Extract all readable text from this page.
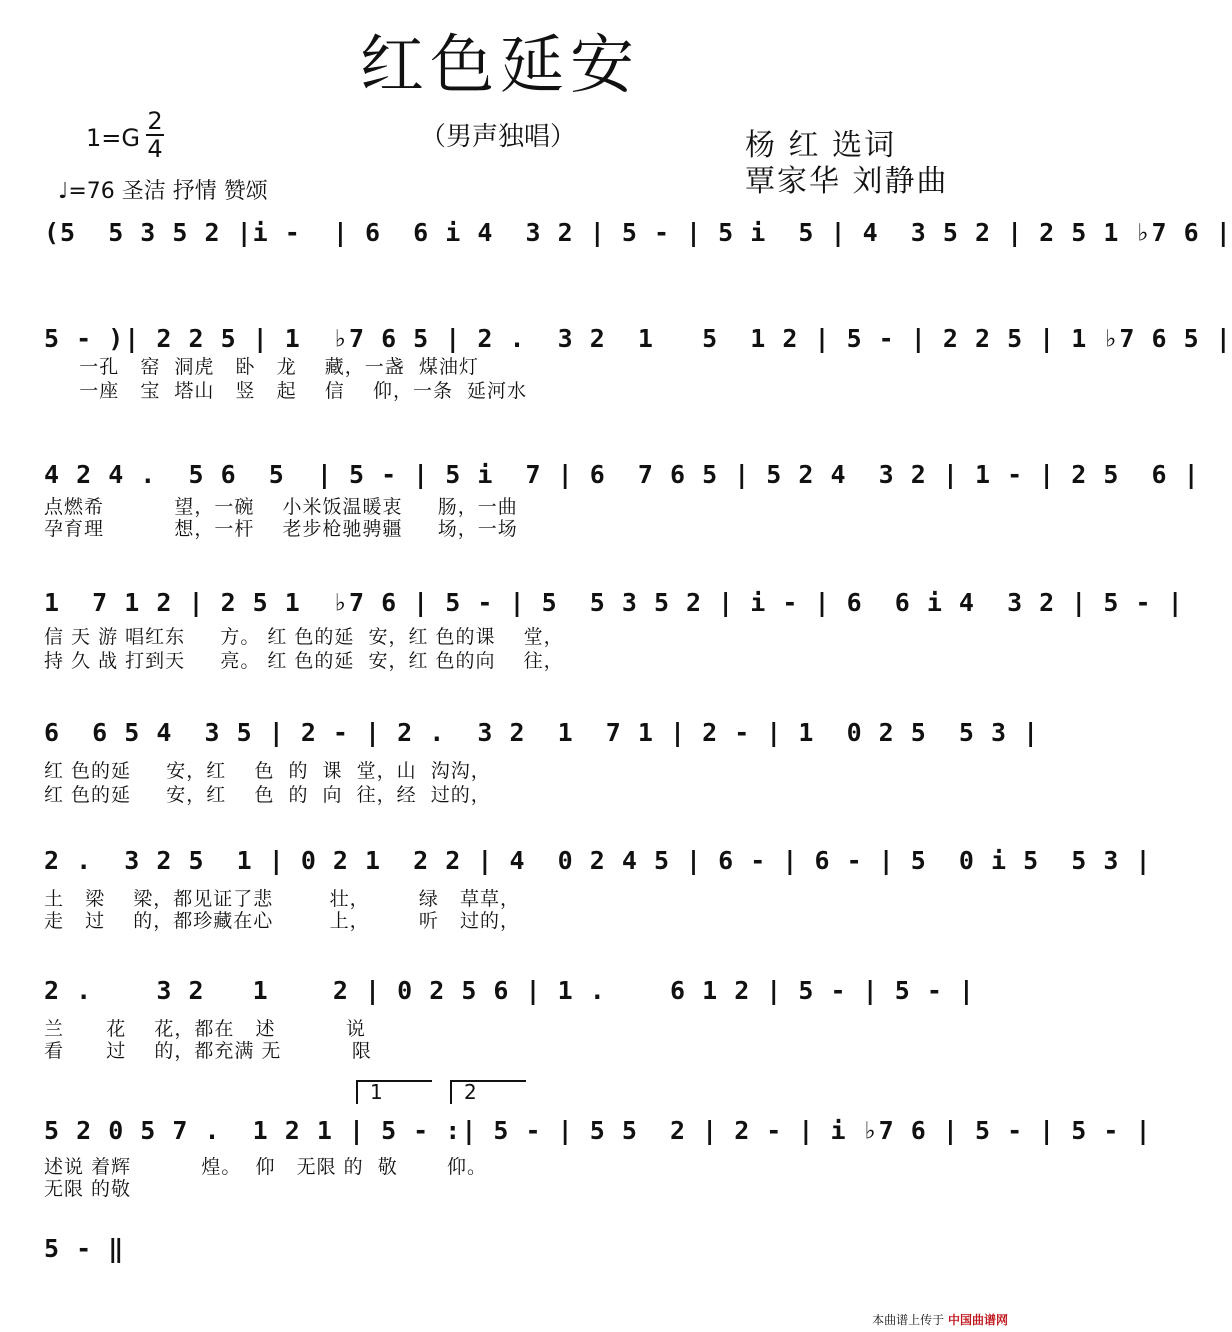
红色延安
（男声独唱）
1=G
2
4
♩=76 圣洁 抒情 赞颂
杨 红 选词
覃家华 刘静曲
(5  5 3 5 2 |i -  | 6  6 i 4  3 2 | 5 - | 5 i  5 | 4  3 5 2 | 2 5 1 ♭7 6 |
5 - )| 2 2 5 | 1  ♭7 6 5 | 2 .  3 2  1   5  1 2 | 5 - | 2 2 5 | 1 ♭7 6 5 |
一孔   窑  洞虎   卧   龙    藏，一盏  煤油灯
一座   宝  塔山   竖   起    信    仰，一条  延河水
4 2 4 .  5 6  5  | 5 - | 5 i  7 | 6  7 6 5 | 5 2 4  3 2 | 1 - | 2 5  6 |
点燃希          望，一碗    小米饭温暖衷     肠，一曲
孕育理          想，一杆    老步枪驰骋疆     场，一场
1  7 1 2 | 2 5 1  ♭7 6 | 5 - | 5  5 3 5 2 | i - | 6  6 i 4  3 2 | 5 - |
信 天 游 唱红东     方。 红 色的延  安，红 色的课    堂，
持 久 战 打到天     亮。 红 色的延  安，红 色的向    往，
6  6 5 4  3 5 | 2 - | 2 .  3 2  1  7 1 | 2 - | 1  0 2 5  5 3 |
红 色的延     安，红    色  的  课  堂，山  沟沟，
红 色的延     安，红    色  的  向  往，经  过的，
2 .  3 2 5  1 | 0 2 1  2 2 | 4  0 2 4 5 | 6 - | 6 - | 5  0 i 5  5 3 |
土   梁    梁，都见证了悲        壮，       绿   草草，
走   过    的，都珍藏在心        上，       听   过的，
2 .    3 2   1    2 | 0 2 5 6 | 1 .    6 1 2 | 5 - | 5 - |
兰      花    花，都在   述          说
看      过    的，都充满 无          限
1	2
5 2 0 5 7 .  1 2 1 | 5 - :| 5 - | 5 5  2 | 2 - | i ♭7 6 | 5 - | 5 - |
述说 着辉          煌。  仰   无限 的  敬       仰。
无限 的敬
5 - ‖
本曲谱上传于 中国曲谱网
